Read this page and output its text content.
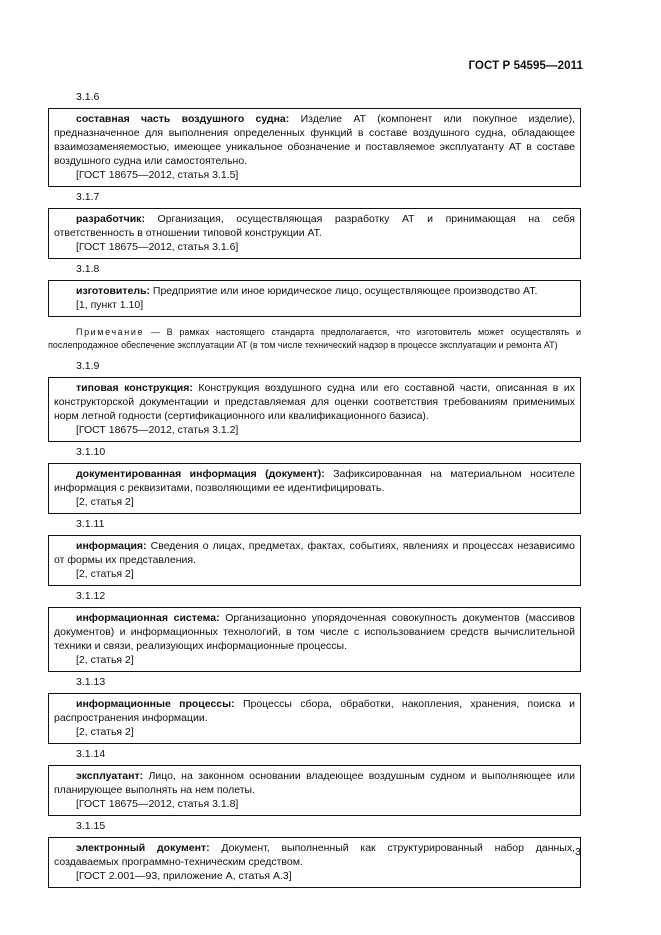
ГОСТ Р 54595—2011
3.1.6

составная часть воздушного судна: Изделие АТ (компонент или покупное изделие), предназначенное для выполнения определенных функций в составе воздушного судна, обладающее взаимозаменяемостью, имеющее уникальное обозначение и поставляемое эксплуатанту АТ в составе воздушного судна или самостоятельно.

[ГОСТ 18675—2012, статья 3.1.5]

3.1.7

разработчик: Организация, осуществляющая разработку АТ и принимающая на себя ответственность в отношении типовой конструкции АТ.

[ГОСТ 18675—2012, статья 3.1.6]

3.1.8

изготовитель: Предприятие или иное юридическое лицо, осуществляющее производство АТ.

[1, пункт 1.10]

Примечание — В рамках настоящего стандарта предполагается, что изготовитель может осуществлять и послепродажное обеспечение эксплуатации АТ (в том числе технический надзор в процессе эксплуатации и ремонта АТ)

3.1.9

типовая конструкция: Конструкция воздушного судна или его составной части, описанная в их конструкторской документации и представляемая для оценки соответствия требованиям применимых норм летной годности (сертификационного или квалификационного базиса).

[ГОСТ 18675—2012, статья 3.1.2]

3.1.10

документированная информация (документ): Зафиксированная на материальном носителе информация с реквизитами, позволяющими ее идентифицировать.

[2, статья 2]

3.1.11

информация: Сведения о лицах, предметах, фактах, событиях, явлениях и процессах независимо от формы их представления.

[2, статья 2]

3.1.12

информационная система: Организационно упорядоченная совокупность документов (массивов документов) и информационных технологий, в том числе с использованием средств вычислительной техники и связи, реализующих информационные процессы.

[2, статья 2]

3.1.13

информационные процессы: Процессы сбора, обработки, накопления, хранения, поиска и распространения информации.

[2, статья 2]

3.1.14

эксплуатант: Лицо, на законном основании владеющее воздушным судном и выполняющее или планирующее выполнять на нем полеты.

[ГОСТ 18675—2012, статья 3.1.8]

3.1.15

электронный документ: Документ, выполненный как структурированный набор данных, создаваемых программно-техническим средством.

[ГОСТ 2.001—93, приложение А, статья А.3]

3
